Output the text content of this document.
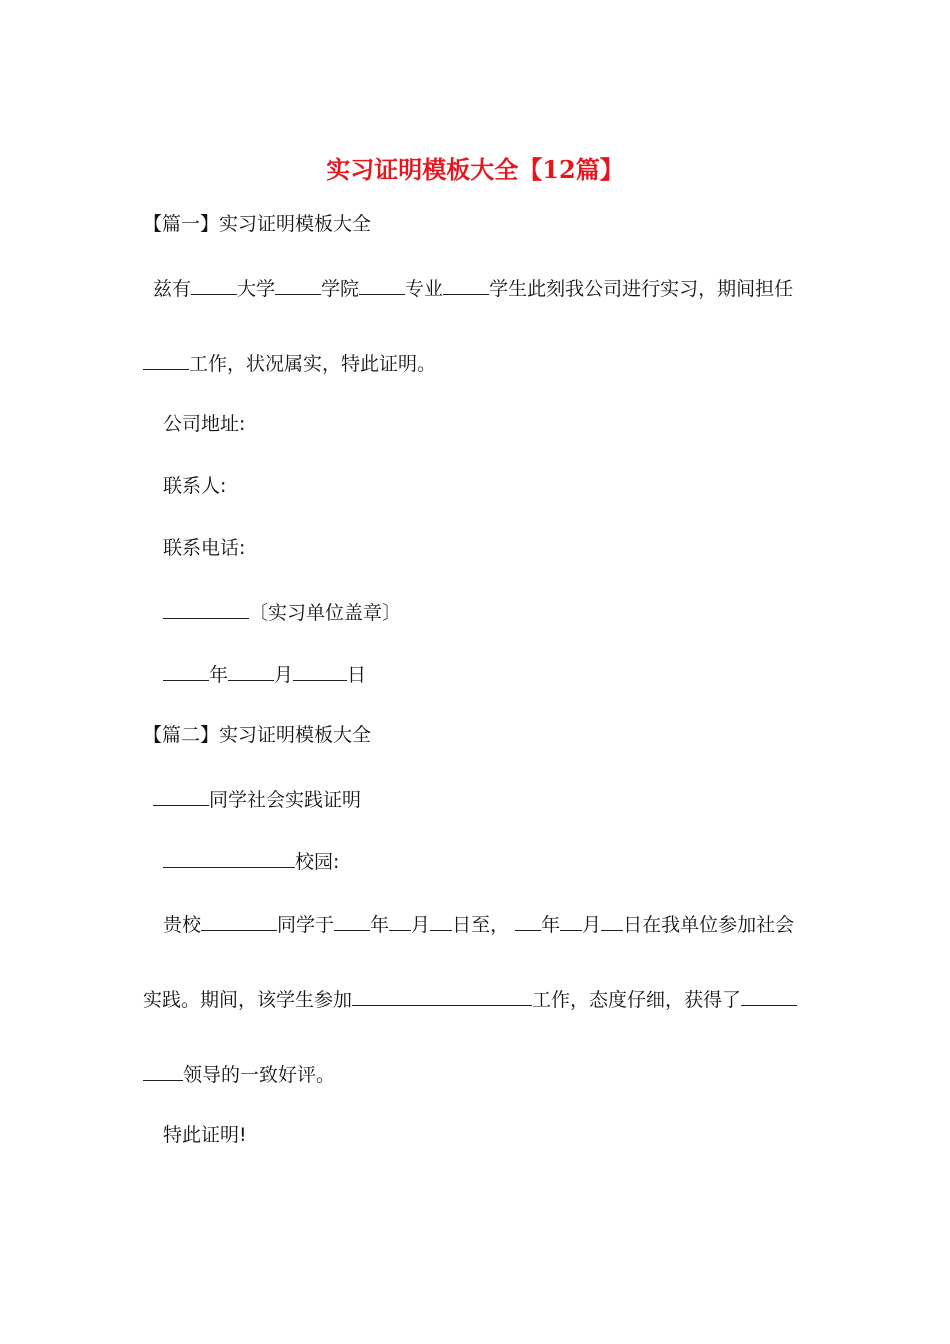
实习证明模板大全【12篇】
【篇一】实习证明模板大全
兹有 大学 学院 专业 学生此刻我公司进行实习，期间担任
工作，状况属实，特此证明。
公司地址:
联系人:
联系电话:
〔实习单位盖章〕
年 月	日
【篇二】实习证明模板大全
同学社会实践证明
校园:
贵校	同学于 年 月 日至， 年 月 日在我单位参加社会
实践。期间，该学生参加	工作，态度仔细，获得了
领导的一致好评。
特此证明!
